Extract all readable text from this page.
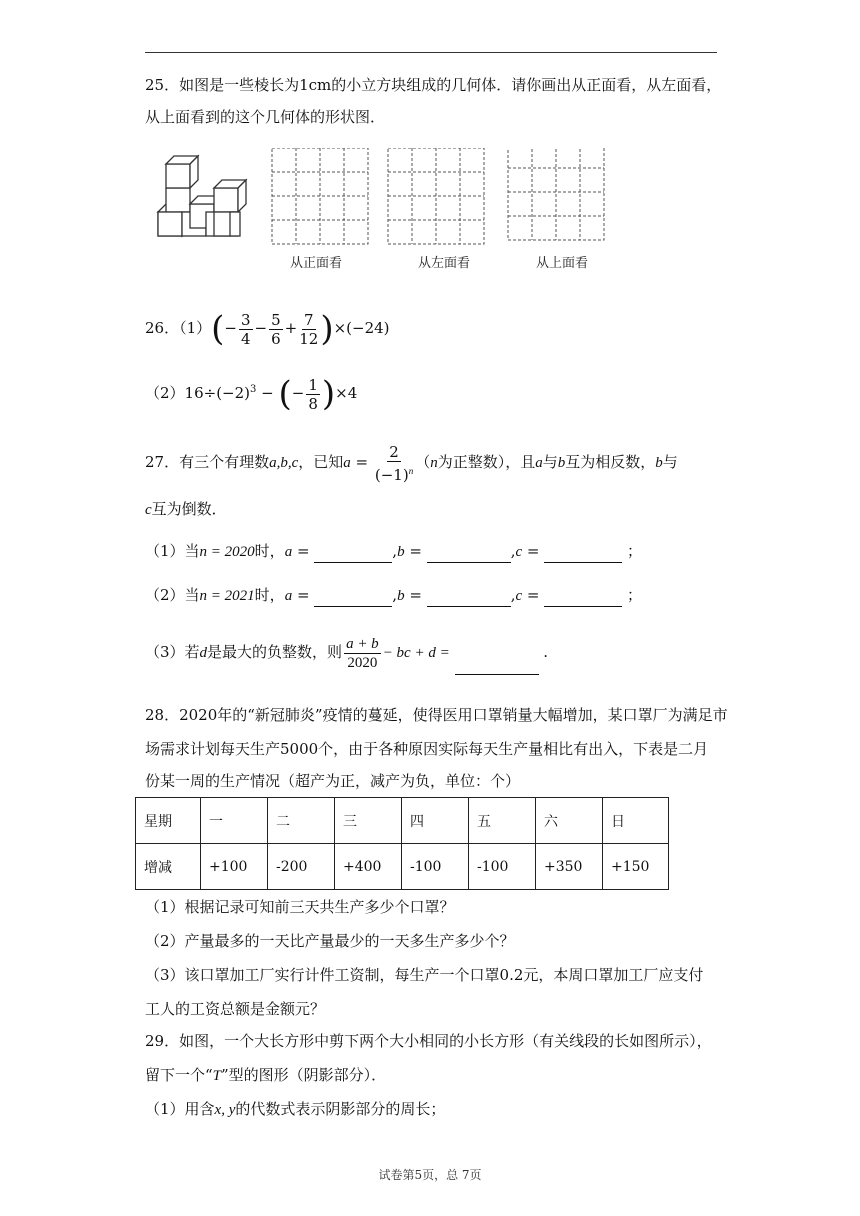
25．如图是一些棱长为1cm的小立方块组成的几何体．请你画出从正面看，从左面看，
从上面看到的这个几何体的形状图．
从正面看	从左面看	从上面看
26．$(1)(- \frac{3}{4} - \frac{5}{6} + \frac{7}{12} )\times(-24)$
$(2)16\div(-2)^3$ − (− $\frac{1}{8} )\times 4$
27．有三个有理数a,b,c，已知$a = \frac{2}{(-1)^n} (n$为正整数），且a与b互为相反数，b与
c互为倒数．
（1）当n = 2020时，a =	,b =	,c =	；
（2）当n = 2021时，a =	,b =	,c =	；
（3）若d是最大的负整数，则 $\frac{a + b}{2020}$ − bc + d =	.
28．2020年的“新冠肺炎”疫情的蔓延，使得医用口罩销量大幅增加，某口罩厂为满足市
场需求计划每天生产5000个，由于各种原因实际每天生产量相比有出入，下表是二月
份某一周的生产情况（超产为正，减产为负，单位：个）
星期	一	二	三	四	五	六	日
增减	+100	-200	+400	-100	-100	+350	+150
（1）根据记录可知前三天共生产多少个口罩？
（2）产量最多的一天比产量最少的一天多生产多少个？
（3）该口罩加工厂实行计件工资制，每生产一个口罩0.2元，本周口罩加工厂应支付
工人的工资总额是金额元？
29．如图，一个大长方形中剪下两个大小相同的小长方形（有关线段的长如图所示），
留下一个“T”型的图形（阴影部分）．
（1）用含x, y的代数式表示阴影部分的周长；
试卷第5页，总 7页
